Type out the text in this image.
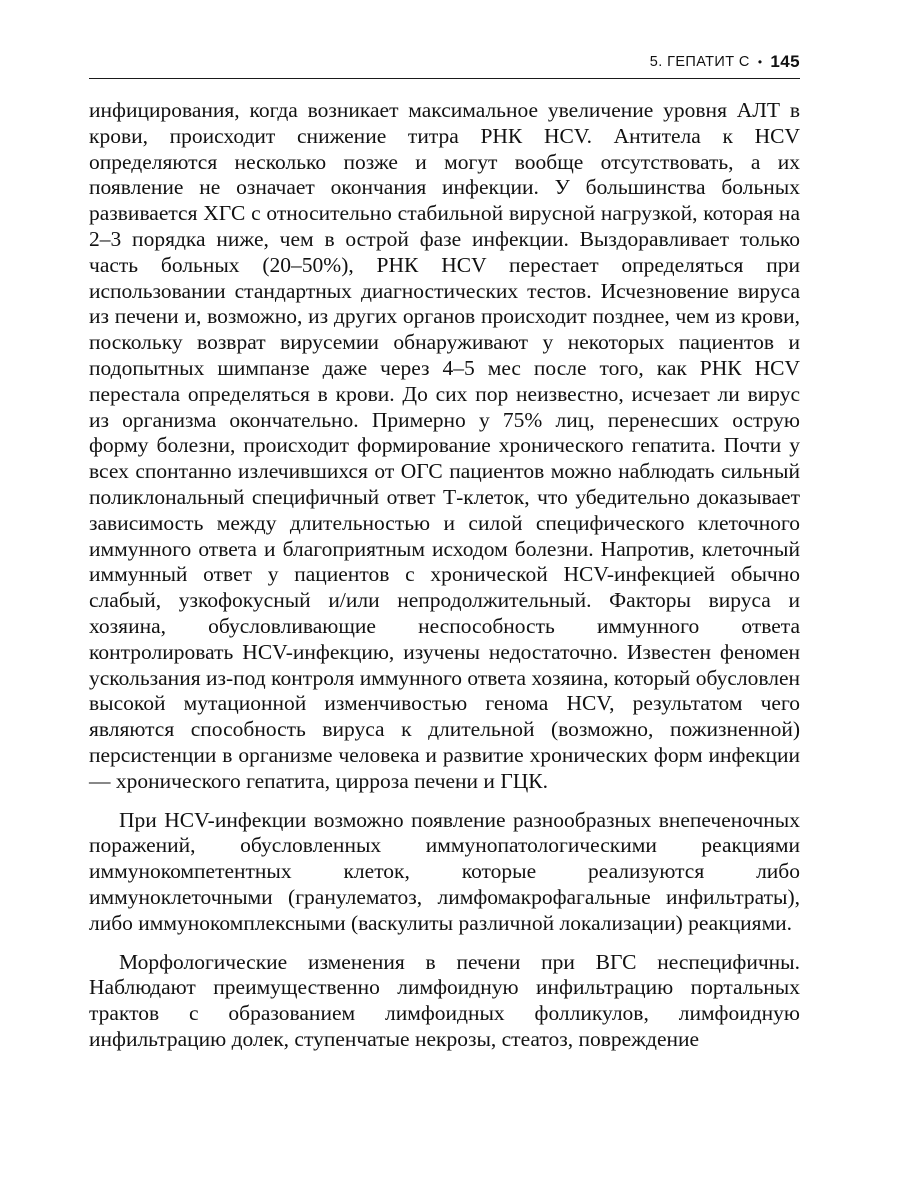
5. ГЕПАТИТ С • 145

инфицирования, когда возникает максимальное увеличение уровня АЛТ в крови, происходит снижение титра РНК HCV. Антитела к HCV определяются несколько позже и могут вообще отсутствовать, а их появление не означает окончания инфекции. У большинства больных развивается ХГС с относительно стабильной вирусной нагрузкой, которая на 2–3 порядка ниже, чем в острой фазе инфекции. Выздоравливает только часть больных (20–50%), РНК HCV перестает определяться при использовании стандартных диагностических тестов. Исчезновение вируса из печени и, возможно, из других органов происходит позднее, чем из крови, поскольку возврат вирусемии обнаруживают у некоторых пациентов и подопытных шимпанзе даже через 4–5 мес после того, как РНК HCV перестала определяться в крови. До сих пор неизвестно, исчезает ли вирус из организма окончательно. Примерно у 75% лиц, перенесших острую форму болезни, происходит формирование хронического гепатита. Почти у всех спонтанно излечившихся от ОГС пациентов можно наблюдать сильный поликлональный специфичный ответ Т-клеток, что убедительно доказывает зависимость между длительностью и силой специфического клеточного иммунного ответа и благоприятным исходом болезни. Напротив, клеточный иммунный ответ у пациентов с хронической HCV-инфекцией обычно слабый, узкофокусный и/или непродолжительный. Факторы вируса и хозяина, обусловливающие неспособность иммунного ответа контролировать HCV-инфекцию, изучены недостаточно. Известен феномен ускользания из-под контроля иммунного ответа хозяина, который обусловлен высокой мутационной изменчивостью генома HCV, результатом чего являются способность вируса к длительной (возможно, пожизненной) персистенции в организме человека и развитие хронических форм инфекции — хронического гепатита, цирроза печени и ГЦК.

При HCV-инфекции возможно появление разнообразных внепеченочных поражений, обусловленных иммунопатологическими реакциями иммунокомпетентных клеток, которые реализуются либо иммуноклеточными (гранулематоз, лимфомакрофагальные инфильтраты), либо иммунокомплексными (васкулиты различной локализации) реакциями.

Морфологические изменения в печени при ВГС неспецифичны. Наблюдают преимущественно лимфоидную инфильтрацию портальных трактов с образованием лимфоидных фолликулов, лимфоидную инфильтрацию долек, ступенчатые некрозы, стеатоз, повреждение
